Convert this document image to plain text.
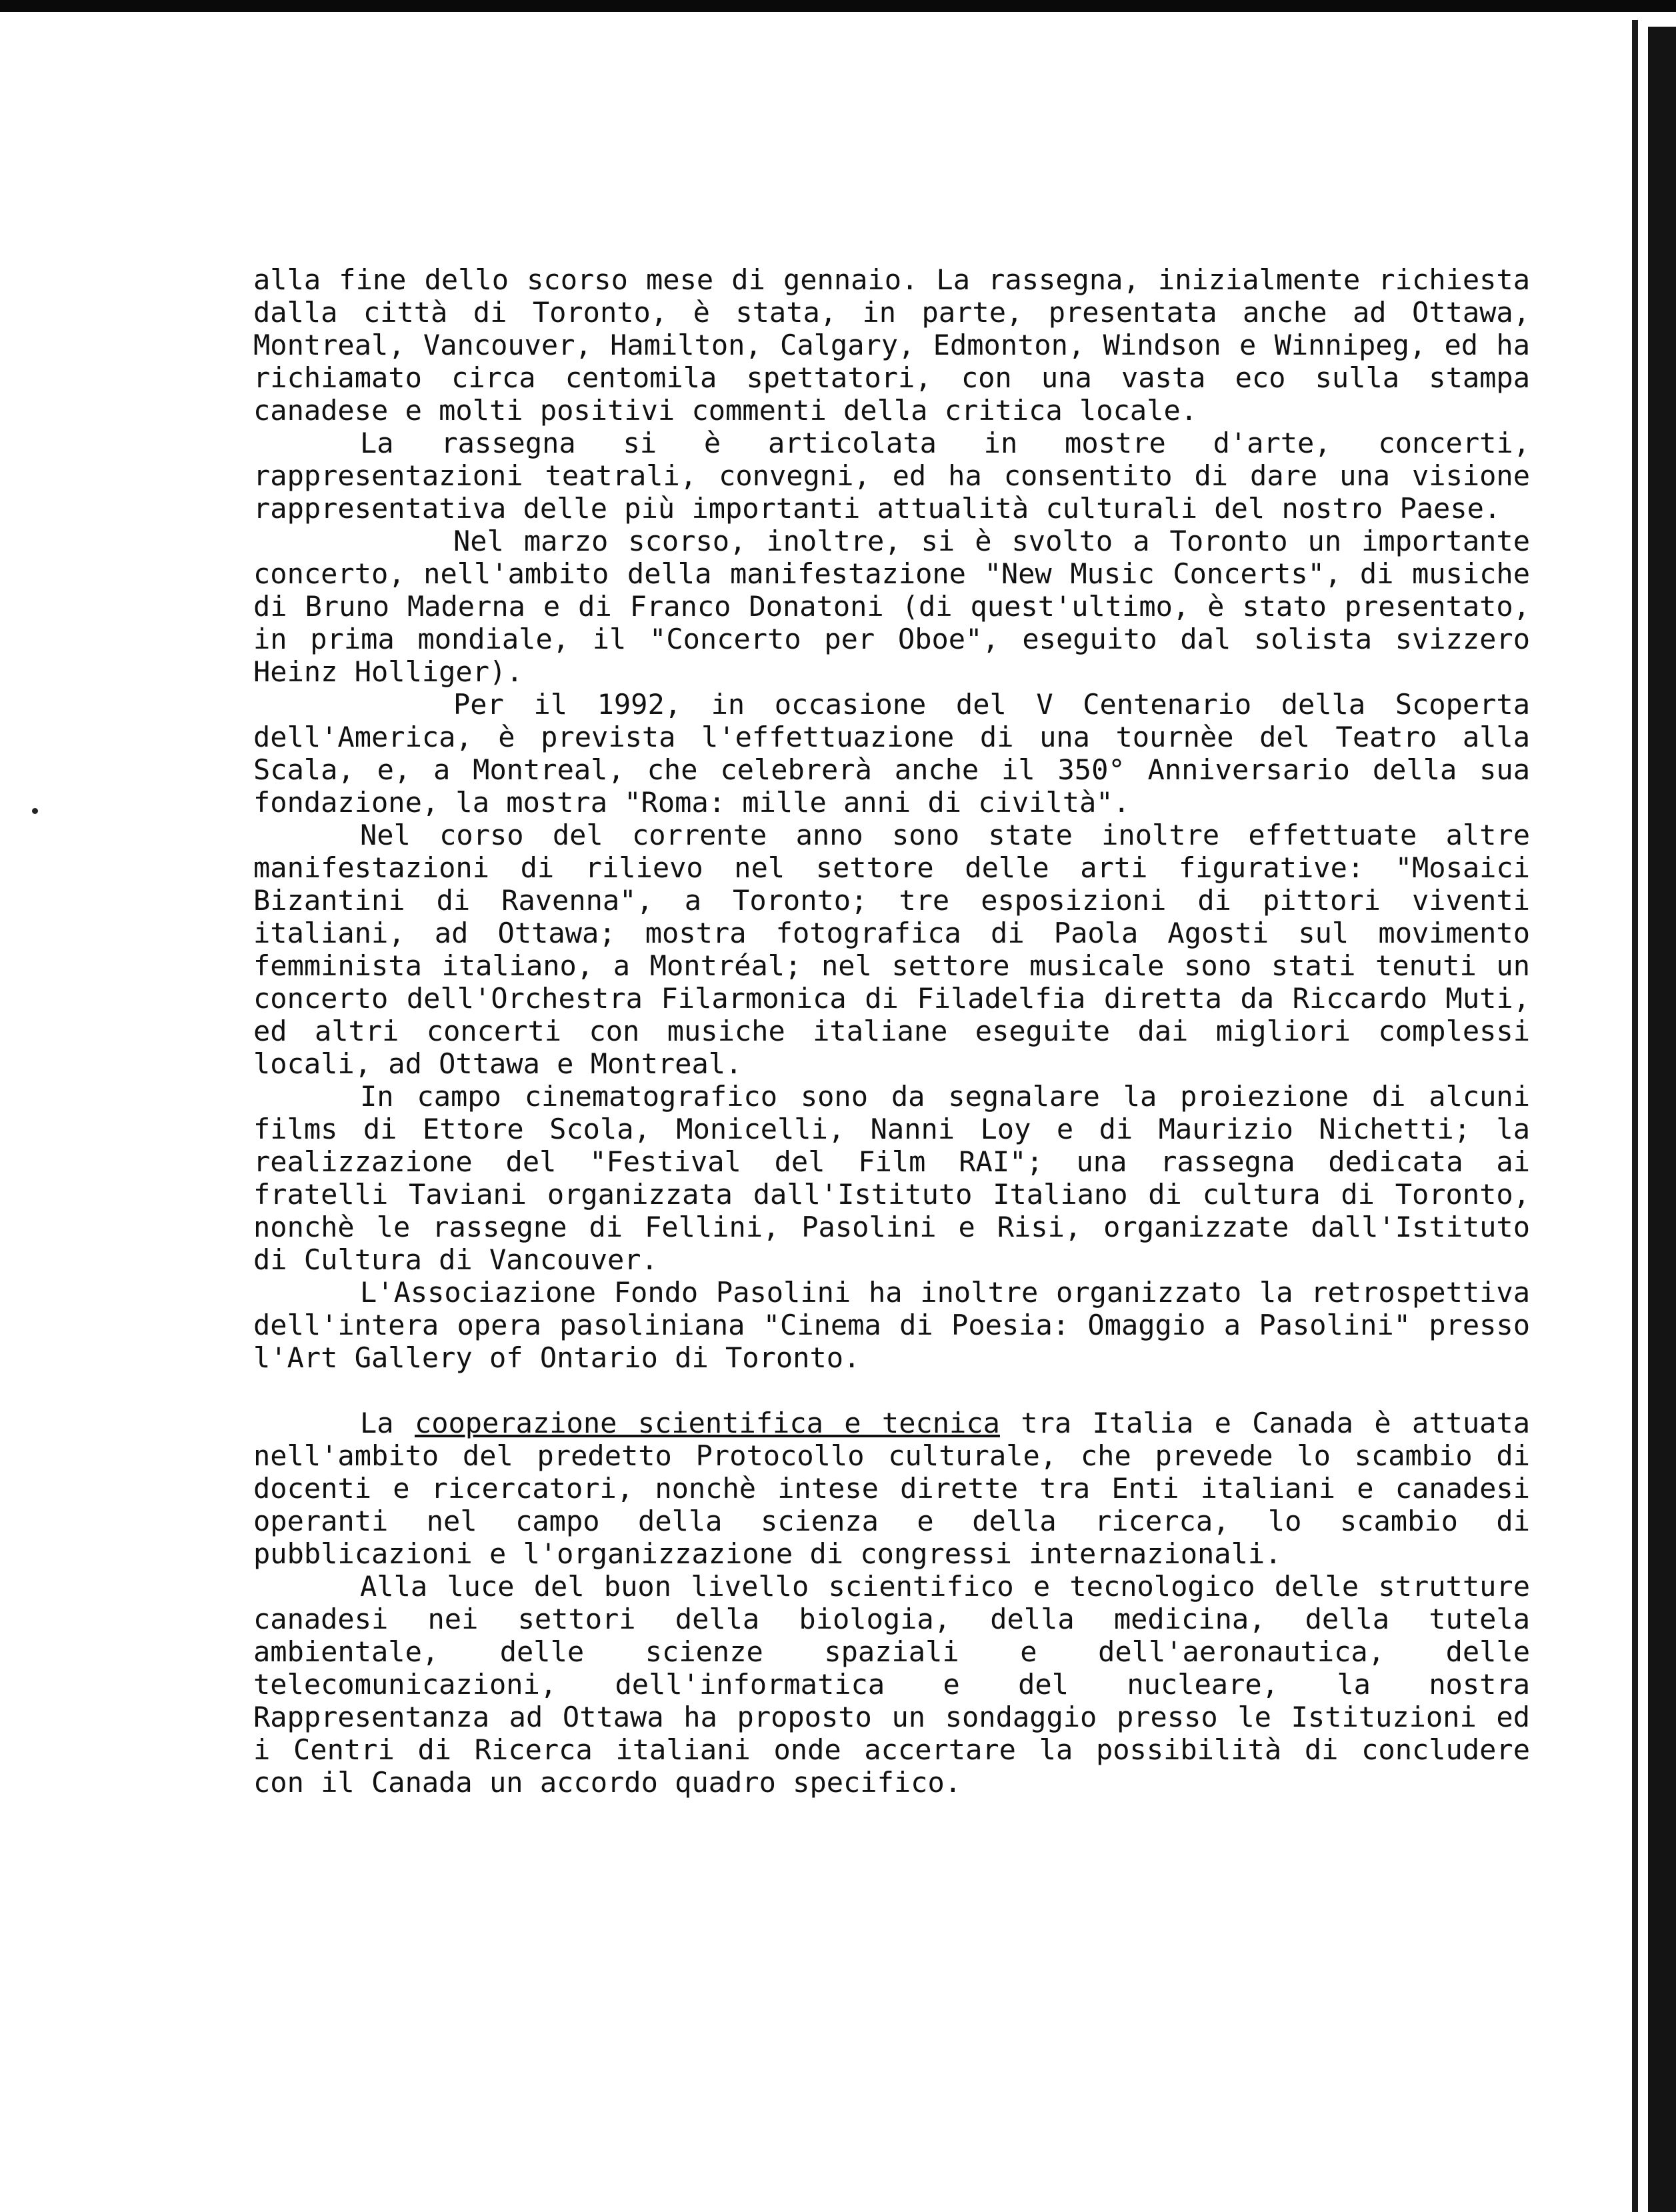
alla fine dello scorso mese di gennaio. La rassegna, inizialmente richiesta dalla città di Toronto, è stata, in parte, presentata anche ad Ottawa, Montreal, Vancouver, Hamilton, Calgary, Edmonton, Windson e Winnipeg, ed ha richiamato circa centomila spettatori, con una vasta eco sulla stampa canadese e molti positivi commenti della critica locale.

La rassegna si è articolata in mostre d'arte, concerti, rappresentazioni teatrali, convegni, ed ha consentito di dare una visione rappresentativa delle più importanti attualità culturali del nostro Paese.

Nel marzo scorso, inoltre, si è svolto a Toronto un importante concerto, nell'ambito della manifestazione "New Music Concerts", di musiche di Bruno Maderna e di Franco Donatoni (di quest'ultimo, è stato presentato, in prima mondiale, il "Concerto per Oboe", eseguito dal solista svizzero Heinz Holliger).

Per il 1992, in occasione del V Centenario della Scoperta dell'America, è prevista l'effettuazione di una tournèe del Teatro alla Scala, e, a Montreal, che celebrerà anche il 350° Anniversario della sua fondazione, la mostra "Roma: mille anni di civiltà".

Nel corso del corrente anno sono state inoltre effettuate altre manifestazioni di rilievo nel settore delle arti figurative: "Mosaici Bizantini di Ravenna", a Toronto; tre esposizioni di pittori viventi italiani, ad Ottawa; mostra fotografica di Paola Agosti sul movimento femminista italiano, a Montréal; nel settore musicale sono stati tenuti un concerto dell'Orchestra Filarmonica di Filadelfia diretta da Riccardo Muti, ed altri concerti con musiche italiane eseguite dai migliori complessi locali, ad Ottawa e Montreal.

In campo cinematografico sono da segnalare la proiezione di alcuni films di Ettore Scola, Monicelli, Nanni Loy e di Maurizio Nichetti; la realizzazione del "Festival del Film RAI"; una rassegna dedicata ai fratelli Taviani organizzata dall'Istituto Italiano di cultura di Toronto, nonchè le rassegne di Fellini, Pasolini e Risi, organizzate dall'Istituto di Cultura di Vancouver.

L'Associazione Fondo Pasolini ha inoltre organizzato la retrospettiva dell'intera opera pasoliniana "Cinema di Poesia: Omaggio a Pasolini" presso l'Art Gallery of Ontario di Toronto.

La cooperazione scientifica e tecnica tra Italia e Canada è attuata nell'ambito del predetto Protocollo culturale, che prevede lo scambio di docenti e ricercatori, nonchè intese dirette tra Enti italiani e canadesi operanti nel campo della scienza e della ricerca, lo scambio di pubblicazioni e l'organizzazione di congressi internazionali.

Alla luce del buon livello scientifico e tecnologico delle strutture canadesi nei settori della biologia, della medicina, della tutela ambientale, delle scienze spaziali e dell'aeronautica, delle telecomunicazioni, dell'informatica e del nucleare, la nostra Rappresentanza ad Ottawa ha proposto un sondaggio presso le Istituzioni ed i Centri di Ricerca italiani onde accertare la possibilità di concludere con il Canada un accordo quadro specifico.
